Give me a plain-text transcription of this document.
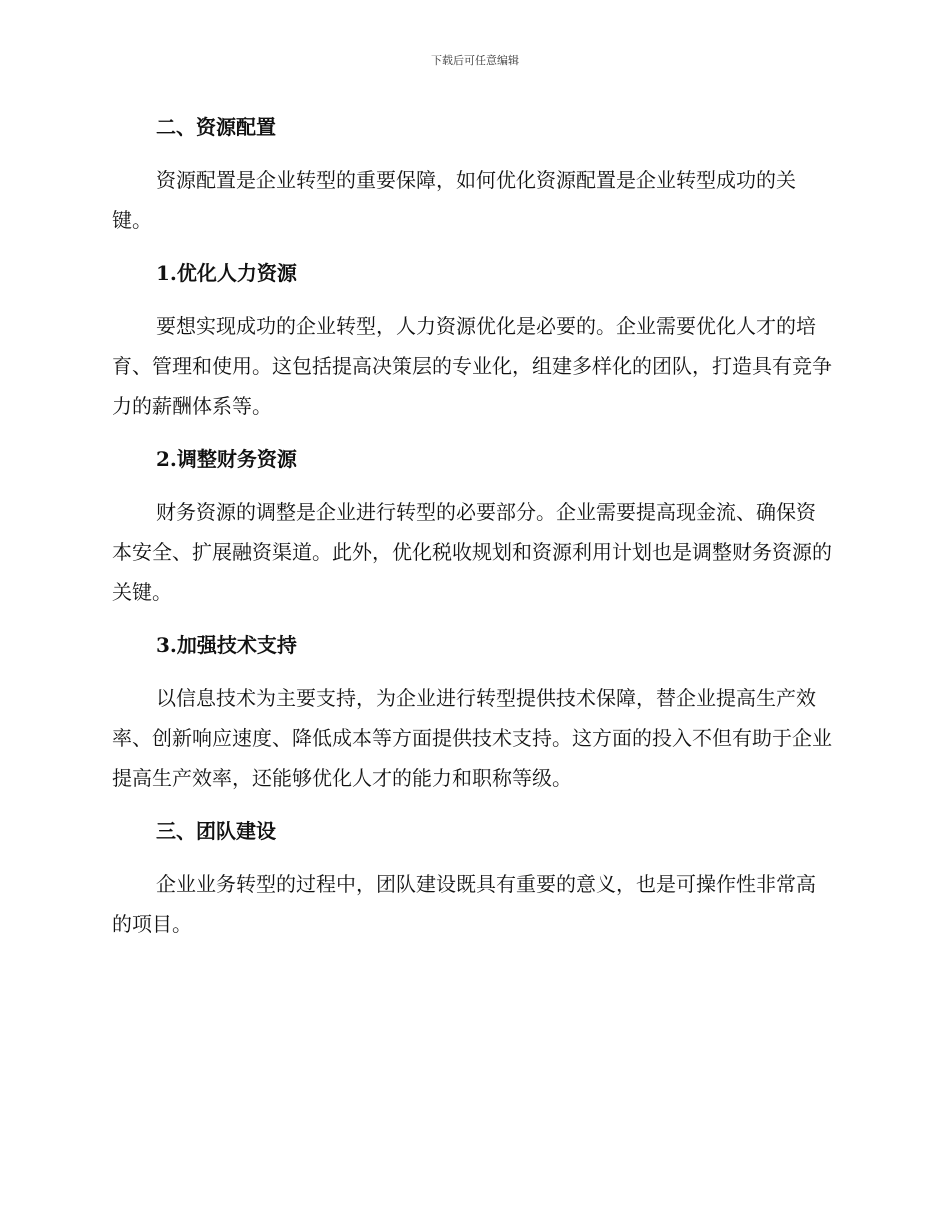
下载后可任意编辑
二、资源配置

资源配置是企业转型的重要保障，如何优化资源配置是企业转型成功的关键。

1.优化人力资源

要想实现成功的企业转型，人力资源优化是必要的。企业需要优化人才的培育、管理和使用。这包括提高决策层的专业化，组建多样化的团队，打造具有竞争力的薪酬体系等。

2.调整财务资源

财务资源的调整是企业进行转型的必要部分。企业需要提高现金流、确保资本安全、扩展融资渠道。此外，优化税收规划和资源利用计划也是调整财务资源的关键。

3.加强技术支持

以信息技术为主要支持，为企业进行转型提供技术保障，替企业提高生产效率、创新响应速度、降低成本等方面提供技术支持。这方面的投入不但有助于企业提高生产效率，还能够优化人才的能力和职称等级。

三、团队建设

企业业务转型的过程中，团队建设既具有重要的意义，也是可操作性非常高的项目。
